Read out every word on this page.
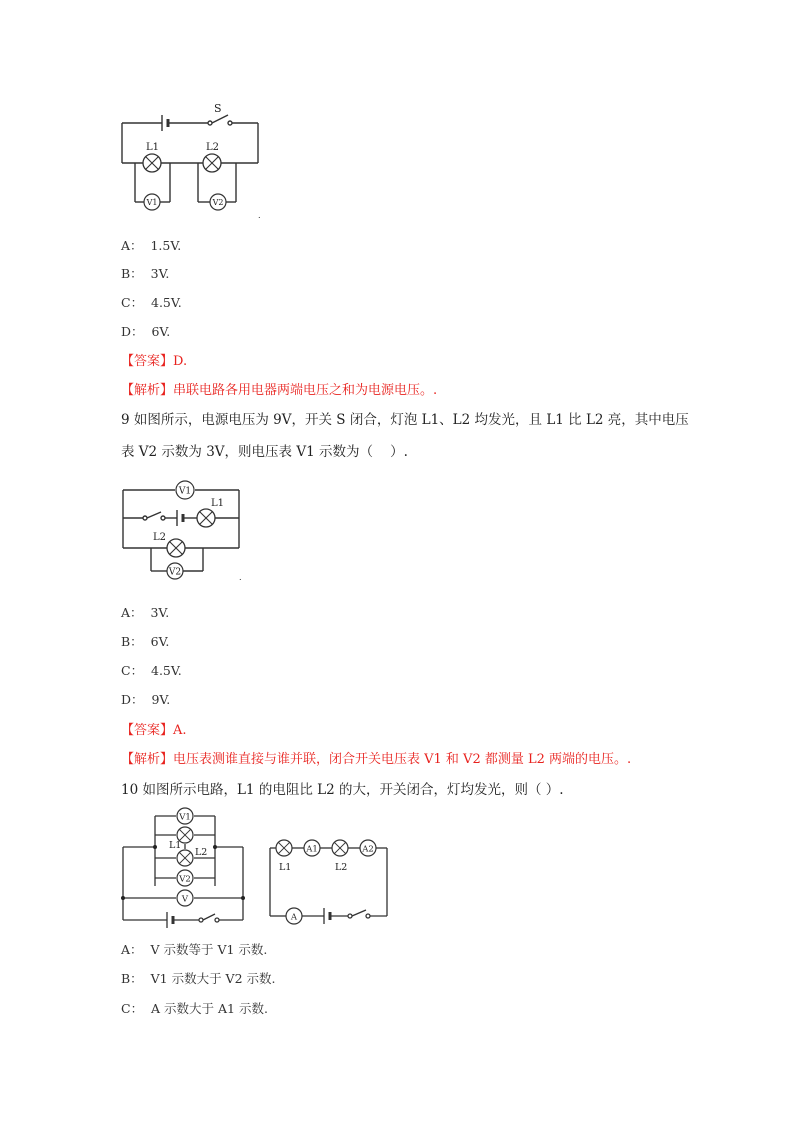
V1	V2
S
L1	L2
.
A：  1.5V.
B：  3V.
C：  4.5V.
D：  6V.
【答案】D.
【解析】串联电路各用电器两端电压之和为电源电压。.
9 如图所示，电源电压为 9V，开关 S 闭合，灯泡 L1、L2 均发光，且 L1 比 L2 亮，其中电压
表 V2 示数为 3V，则电压表 V1 示数为（    ）.
V1
V2
L1
L2
.
A：  3V.
B：  6V.
C：  4.5V.
D：  9V.
【答案】A.
【解析】电压表测谁直接与谁并联，闭合开关电压表 V1 和 V2 都测量 L2 两端的电压。.
10 如图所示电路，L1 的电阻比 L2 的大，开关闭合，灯均发光，则（ ）.
V1
V2
V
L1
L2	A1	A2
A
L1	L2
A：  V 示数等于 V1 示数.
B：  V1 示数大于 V2 示数.
C：  A 示数大于 A1 示数.
